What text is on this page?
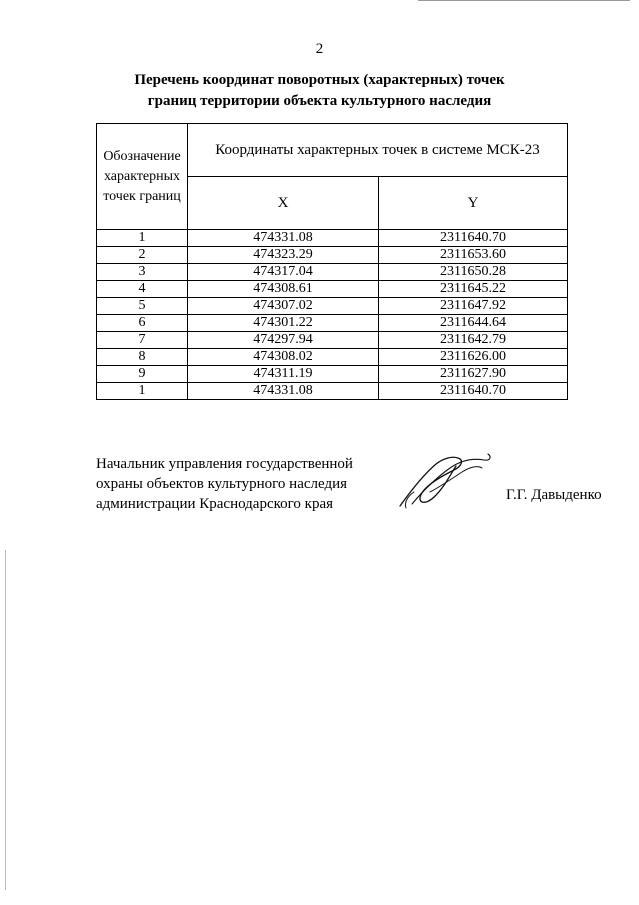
2
Перечень координат поворотных (характерных) точек
границ территории объекта культурного наследия
Обозначение
характерных
точек границ	Координаты характерных точек в системе МСК-23	
	X	Y
1	474331.08	2311640.70
2	474323.29	2311653.60
3	474317.04	2311650.28
4	474308.61	2311645.22
5	474307.02	2311647.92
6	474301.22	2311644.64
7	474297.94	2311642.79
8	474308.02	2311626.00
9	474311.19	2311627.90
1	474331.08	2311640.70
Начальник управления государственной
охраны объектов культурного наследия
администрации Краснодарского края
Г.Г. Давыденко
